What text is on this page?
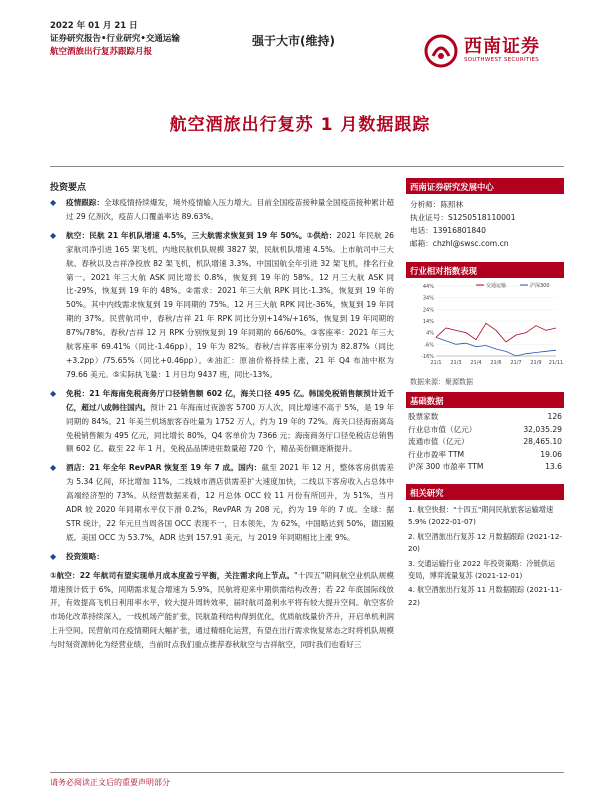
2022 年 01 月 21 日
证券研究报告•行业研究•交通运输
航空酒旅出行复苏跟踪月报
强于大市(维持)	西南证券
SOUTHWEST SECURITIES
航空酒旅出行复苏 1 月数据跟踪
投资要点

◆ 疫情跟踪：全球疫情持续爆发，境外疫情输入压力增大。目前全国疫苗接种量全国疫苗接种累计超过 29 亿剂次，疫苗人口覆盖率达 89.63%。

◆ 航空：民航 21 年机队增速 4.5%，三大航需求恢复到 19 年 50%。①供给：2021 年民航 26 家航司净引进 165 架飞机，内地民航机队规模 3827 架，民航机队增速 4.5%。上市航司中三大航、春秋以及吉祥净投放 82 架飞机，机队增速 3.3%。中国国航全年引进 32 架飞机，排名行业第一。2021 年三大航 ASK 同比增长 0.8%，恢复到 19 年的 58%。12 月三大航 ASK 同比-29%，恢复到 19 年的 48%。②需求：2021 年三大航 RPK 同比-1.3%，恢复到 19 年的 50%。其中内线需求恢复到 19 年同期的 75%。12 月三大航 RPK 同比-36%，恢复到 19 年同期的 37%。民营航司中，春秋/吉祥 21 年 RPK 同比分别+14%/+16%，恢复到 19 年同期的 87%/78%。春秋/吉祥 12 月 RPK 分别恢复到 19 年同期的 66/60%。③客座率：2021 年三大航客座率 69.41%（同比-1.46pp），19 年为 82%。春秋/吉祥客座率分别为 82.87%（同比+3.2pp）/75.65%（同比+0.46pp）。④油汇：原油价格持续上涨，21 年 Q4 布油中枢为 79.66 美元。⑤实际执飞量：1 月日均 9437 班，同比-13%。

◆ 免税：21 年海南免税商务厅口径销售额 602 亿，海关口径 495 亿。韩国免税销售额预计近千亿，超过八成韩往国内。预计 21 年海南过夜游客 5700 万人次，同比增速不高于 5%，是 19 年同期的 84%。21 年美兰机场旅客吞吐量为 1752 万人，约为 19 年的 72%。海关口径海南离岛免税销售额为 495 亿元，同比增长 80%，Q4 客单价为 7366 元；海南商务厅口径免税店总销售额 602 亿。截至 22 年 1 月，免税品品牌进驻数量超 720 个，精品美份额逐渐提升。

◆ 酒店：21 年全年 RevPAR 恢复至 19 年 7 成。国内：截至 2021 年 12 月，整体客房供需差为 5.34 亿间，环比增加 11%，二线城市酒店供需差扩大速度加快，二线以下客房收入占总体中高端经济型的 73%。从经营数据来看，12 月总体 OCC 较 11 月份有所回升，为 51%，当月 ADR 较 2020 年同期水平仅下滑 0.2%，RevPAR 为 208 元，约为 19 年的 7 成。全球：据 STR 统计，22 年元旦当周各国 OCC 表现不一，日本领先，为 62%，中国略达到 50%，德国殿底。美国 OCC 为 53.7%，ADR 达到 157.91 美元，与 2019 年同期相比上涨 9%。

◆ 投资策略：

①航空：22 年航司有望实现单月成本度盈亏平衡，关注需求向上节点。"十四五"期间航空业机队规模增速预计低于 6%，同期需求复合增速为 5.9%，民航将迎来中期供需结构改善；若 22 年底国际线放开，有效提高飞机日利用率水平，较大提升周转效率，届时航司盈利水平将有较大提升空间。航空客价市场化改革持续深入，一线机场产能扩张，民航盈利结构得到优化，优质航线量价齐升，开启单机利润上升空间。民营航司在疫情期间大幅扩张，通过精细化运营，有望在出行需求恢复常态之时将机队规模与时刻资源转化为经营业绩，当前时点我们重点推荐春秋航空与吉祥航空，同时我们也看好三

西南证券研究发展中心
分析师：陈照林
执业证号：S1250518110001
电话：13916801840
邮箱：chzhl@swsc.com.cn
行业相对指数表现
44%
34%
24%
14%
4%
-6%
-16%
21/1 21/3 21/4 21/6 21/7 21/9 21/11
交通运输	沪深300
数据来源：聚源数据
基础数据
股票家数	126
行业总市值（亿元）	32,035.29
流通市值（亿元）	28,465.10
行业市盈率 TTM	19.06
沪深 300 市盈率 TTM	13.6
相关研究
1. 航空快报："十四五"期间民航旅客运输增速 5.9% (2022-01-07)
2. 航空酒旅出行复苏 12 月数据跟踪 (2021-12-20)
3. 交通运输行业 2022 年投资策略：冷链供运变局，博弈流量复苏 (2021-12-01)
4. 航空酒旅出行复苏 11 月数据跟踪 (2021-11-22)
请务必阅读正文后的重要声明部分
